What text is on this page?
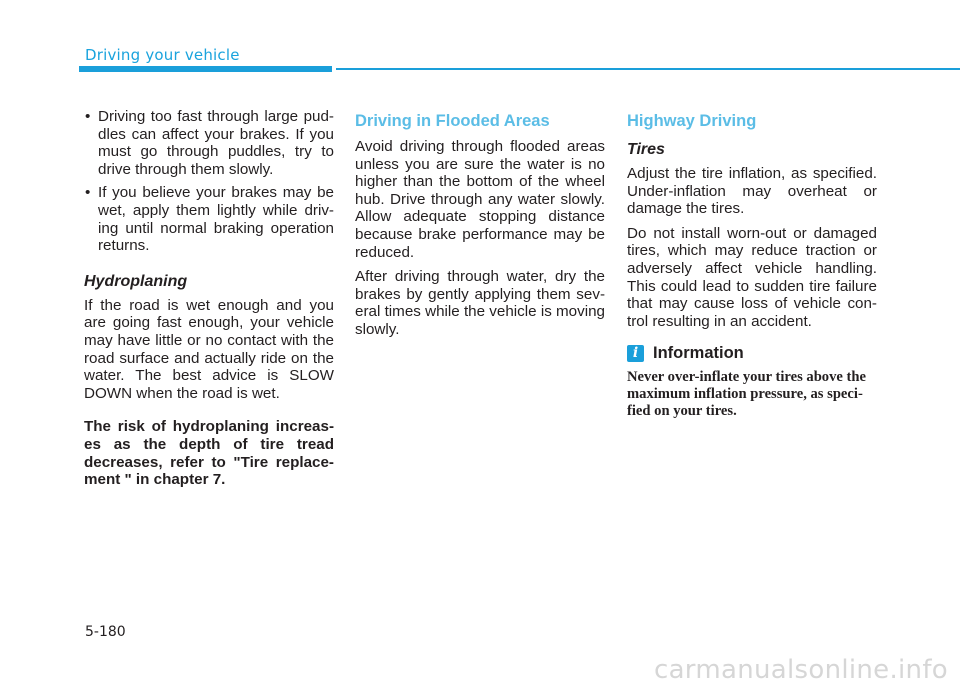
Driving your vehicle
• Driving too fast through large pud- dles can affect your brakes. If you must go through puddles, try to drive through them slowly.
• If you believe your brakes may be wet, apply them lightly while driv- ing until normal braking operation returns.
Hydroplaning

If the road is wet enough and you are going fast enough, your vehicle may have little or no contact with the road surface and actually ride on the water. The best advice is SLOW DOWN when the road is wet.

The risk of hydroplaning increas- es as the depth of tire tread decreases, refer to "Tire replace- ment " in chapter 7.

Driving in Flooded Areas

Avoid driving through flooded areas unless you are sure the water is no higher than the bottom of the wheel hub. Drive through any water slowly. Allow adequate stopping distance because brake performance may be reduced.

After driving through water, dry the brakes by gently applying them sev- eral times while the vehicle is moving slowly.

Highway Driving
Tires

Adjust the tire inflation, as specified. Under-inflation may overheat or damage the tires.

Do not install worn-out or damaged tires, which may reduce traction or adversely affect vehicle handling. This could lead to sudden tire failure that may cause loss of vehicle con- trol resulting in an accident.

i Information

Never over-inflate your tires above the maximum inflation pressure, as speci- fied on your tires.

5-180
carmanualsonline.info
